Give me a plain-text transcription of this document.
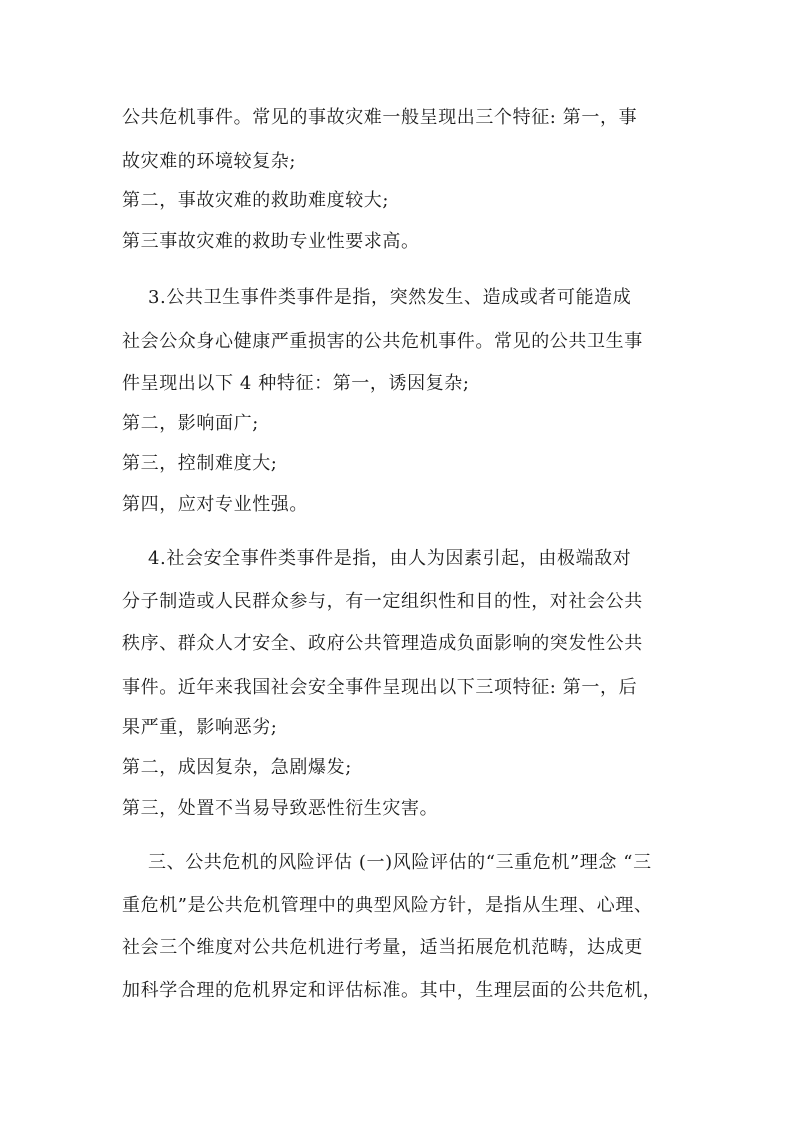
公共危机事件。常见的事故灾难一般呈现出三个特征: 第一，事
故灾难的环境较复杂;
第二，事故灾难的救助难度较大;
第三事故灾难的救助专业性要求高。
3.公共卫生事件类事件是指，突然发生、造成或者可能造成
社会公众身心健康严重损害的公共危机事件。常见的公共卫生事
件呈现出以下 4 种特征：第一，诱因复杂;
第二，影响面广;
第三，控制难度大;
第四，应对专业性强。
4.社会安全事件类事件是指，由人为因素引起，由极端敌对
分子制造或人民群众参与，有一定组织性和目的性，对社会公共
秩序、群众人才安全、政府公共管理造成负面影响的突发性公共
事件。近年来我国社会安全事件呈现出以下三项特征: 第一，后
果严重，影响恶劣;
第二，成因复杂，急剧爆发;
第三，处置不当易导致恶性衍生灾害。
三、公共危机的风险评估 (一)风险评估的“三重危机”理念 “三
重危机”是公共危机管理中的典型风险方针，是指从生理、心理、
社会三个维度对公共危机进行考量，适当拓展危机范畴，达成更
加科学合理的危机界定和评估标准。其中，生理层面的公共危机，
